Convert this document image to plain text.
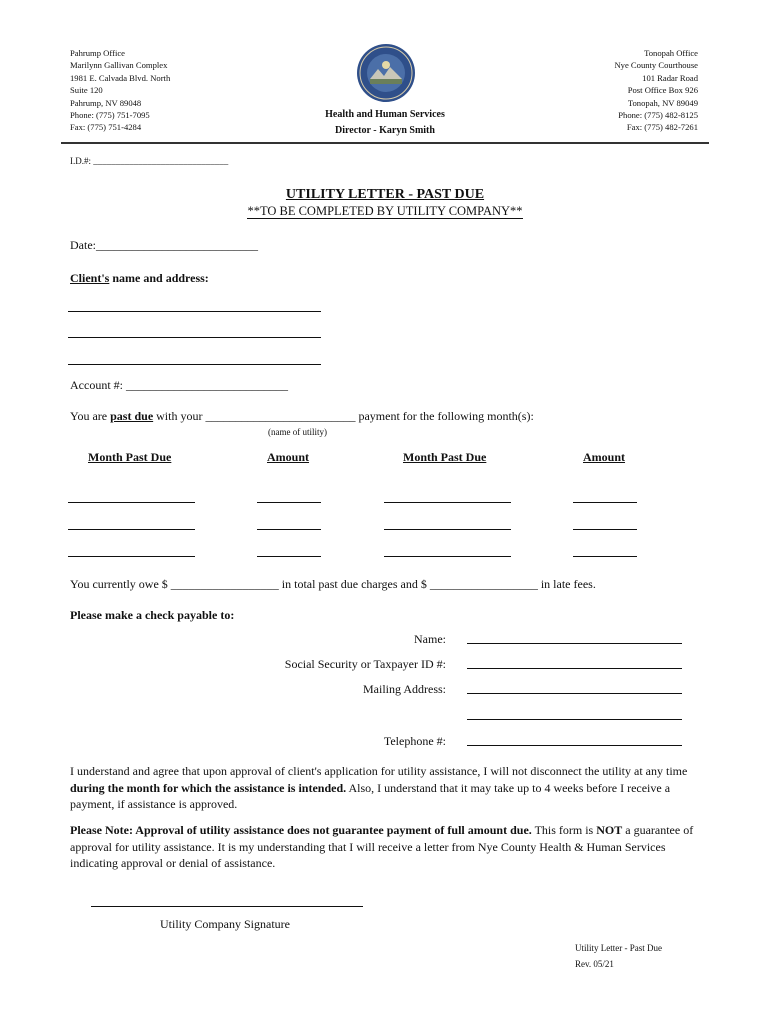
Pahrump Office
Marilynn Gallivan Complex
1981 E. Calvada Blvd. North
Suite 120
Pahrump, NV 89048
Phone: (775) 751-7095
Fax: (775) 751-4284
Health and Human Services
Director - Karyn Smith
Tonopah Office
Nye County Courthouse
101 Radar Road
Post Office Box 926
Tonopah, NV 89049
Phone: (775) 482-8125
Fax: (775) 482-7261
I.D.#: ______________________________
UTILITY LETTER - PAST DUE
**TO BE COMPLETED BY UTILITY COMPANY**
Date:___________________________
Client's name and address:
Account #: ___________________________
You are past due with your _________________________ payment for the following month(s):
(name of utility)
Month Past Due	Amount	Month Past Due	Amount
You currently owe $ __________________ in total past due charges and $ __________________ in late fees.
Please make a check payable to:
Name:
Social Security or Taxpayer ID #:
Mailing Address:
Telephone #:
I understand and agree that upon approval of client's application for utility assistance, I will not disconnect the utility at any time during the month for which the assistance is intended. Also, I understand that it may take up to 4 weeks before I receive a payment, if assistance is approved.
Please Note: Approval of utility assistance does not guarantee payment of full amount due. This form is NOT a guarantee of approval for utility assistance. It is my understanding that I will receive a letter from Nye County Health & Human Services indicating approval or denial of assistance.
Utility Company Signature
Utility Letter - Past Due
Rev. 05/21
